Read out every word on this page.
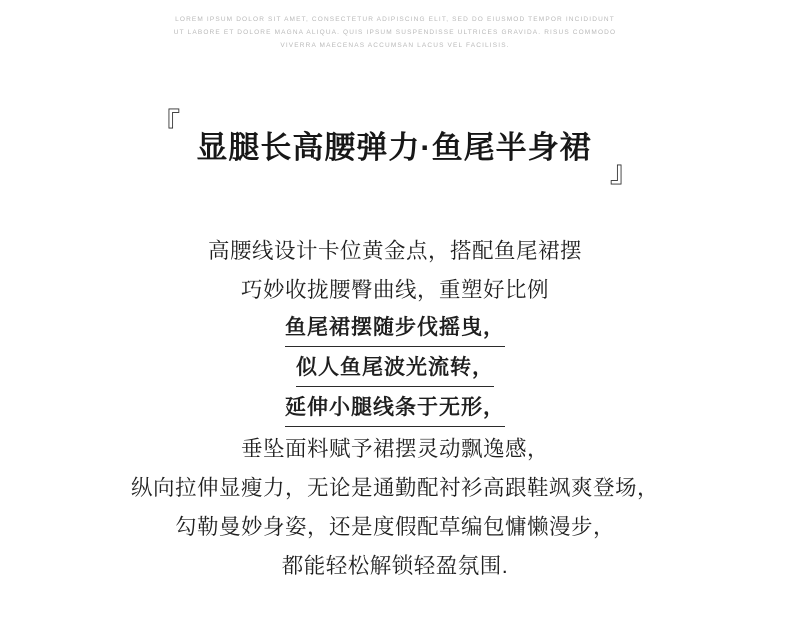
LOREM IPSUM DOLOR SIT AMET, CONSECTETUR ADIPISCING ELIT, SED DO EIUSMOD TEMPOR INCIDIDUNT
UT LABORE ET DOLORE MAGNA ALIQUA. QUIS IPSUM SUSPENDISSE ULTRICES GRAVIDA. RISUS COMMODO
VIVERRA MAECENAS ACCUMSAN LACUS VEL FACILISIS.
『
显腿长高腰弹力·鱼尾半身裙
』
高腰线设计卡位黄金点，搭配鱼尾裙摆
巧妙收拢腰臀曲线，重塑好比例
鱼尾裙摆随步伐摇曳，
似人鱼尾波光流转，
延伸小腿线条于无形，
垂坠面料赋予裙摆灵动飘逸感，
纵向拉伸显瘦力，无论是通勤配衬衫高跟鞋飒爽登场，
勾勒曼妙身姿，还是度假配草编包慵懒漫步，
都能轻松解锁轻盈氛围.
